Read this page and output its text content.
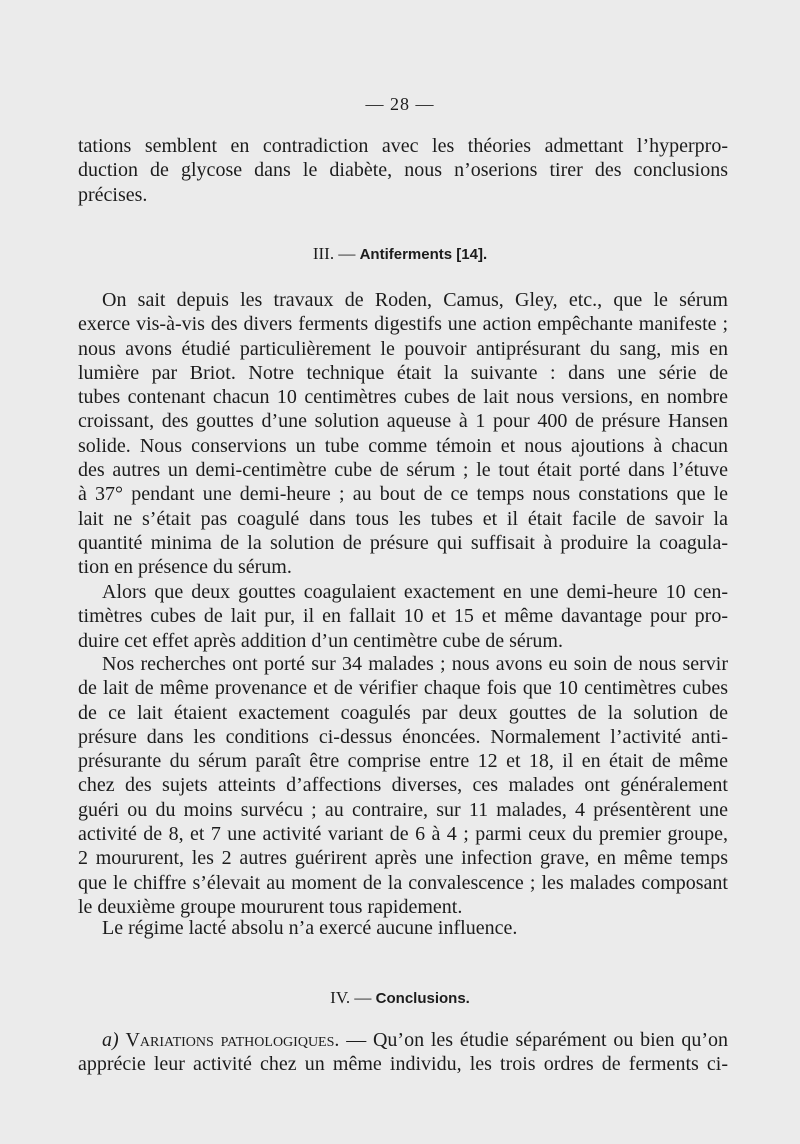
— 28 —
tations semblent en contradiction avec les théories admettant l’hyperpro-
duction de glycose dans le diabète, nous n’oserions tirer des conclusions
précises.
III. — Antiferments [14].
On sait depuis les travaux de Roden, Camus, Gley, etc., que le sérum
exerce vis-à-vis des divers ferments digestifs une action empêchante manifeste ;
nous avons étudié particulièrement le pouvoir antiprésurant du sang, mis en
lumière par Briot. Notre technique était la suivante : dans une série de
tubes contenant chacun 10 centimètres cubes de lait nous versions, en nombre
croissant, des gouttes d’une solution aqueuse à 1 pour 400 de présure Hansen
solide. Nous conservions un tube comme témoin et nous ajoutions à chacun
des autres un demi-centimètre cube de sérum ; le tout était porté dans l’étuve
à 37° pendant une demi-heure ; au bout de ce temps nous constations que le
lait ne s’était pas coagulé dans tous les tubes et il était facile de savoir la
quantité minima de la solution de présure qui suffisait à produire la coagula-
tion en présence du sérum.
Alors que deux gouttes coagulaient exactement en une demi-heure 10 cen-
timètres cubes de lait pur, il en fallait 10 et 15 et même davantage pour pro-
duire cet effet après addition d’un centimètre cube de sérum.
Nos recherches ont porté sur 34 malades ; nous avons eu soin de nous servir
de lait de même provenance et de vérifier chaque fois que 10 centimètres cubes
de ce lait étaient exactement coagulés par deux gouttes de la solution de
présure dans les conditions ci-dessus énoncées. Normalement l’activité anti-
présurante du sérum paraît être comprise entre 12 et 18, il en était de même
chez des sujets atteints d’affections diverses, ces malades ont généralement
guéri ou du moins survécu ; au contraire, sur 11 malades, 4 présentèrent une
activité de 8, et 7 une activité variant de 6 à 4 ; parmi ceux du premier groupe,
2 moururent, les 2 autres guérirent après une infection grave, en même temps
que le chiffre s’élevait au moment de la convalescence ; les malades composant
le deuxième groupe moururent tous rapidement.
Le régime lacté absolu n’a exercé aucune influence.
IV. — Conclusions.
a) Variations pathologiques. — Qu’on les étudie séparément ou bien qu’on
apprécie leur activité chez un même individu, les trois ordres de ferments ci-
